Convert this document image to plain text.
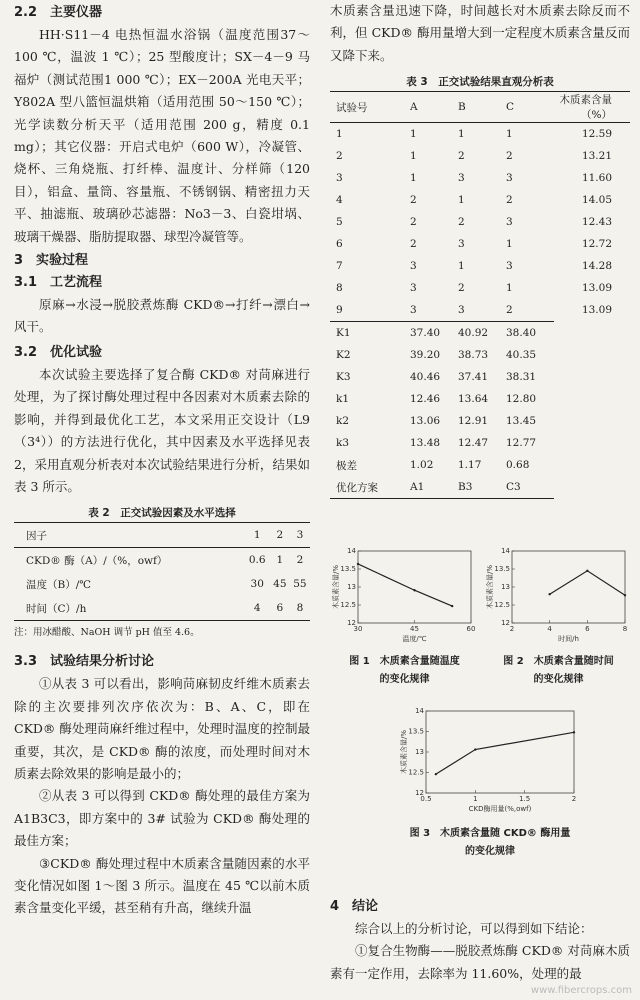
2.2　主要仪器

HH·S11－4 电热恒温水浴锅（温度范围37～100 ℃，温波 1 ℃）；25 型酸度计；SX－4－9 马福炉（测试范围1 000 ℃）；EX－200A 光电天平；Y802A 型八篮恒温烘箱（适用范围 50～150 ℃）；光学读数分析天平（适用范围 200 g，精度 0.1 mg）；其它仪器：开启式电炉（600 W），冷凝管、烧杯、三角烧瓶、打纤棒、温度计、分样筛（120 目），铝盒、量筒、容量瓶、不锈钢锅、精密扭力天平、抽滤瓶、玻璃砂芯滤器：No3－3、白瓷坩埚、玻璃干燥器、脂肪提取器、球型冷凝管等。

3　实验过程

3.1　工艺流程

原麻→水浸→脱胶煮炼酶 CKD®→打纤→漂白→风干。

3.2　优化试验

本次试验主要选择了复合酶 CKD® 对苘麻进行处理，为了探讨酶处理过程中各因素对木质素去除的影响，并得到最优化工艺，本文采用正交设计（L9（3⁴））的方法进行优化，其中因素及水平选择见表 2，采用直观分析表对本次试验结果进行分析，结果如表 3 所示。

表 2　正交试验因素及水平选择

因子	1	2	3
CKD® 酶（A）/（%，owf）	0.6	1	2
温度（B）/℃	30	45	55
时间（C）/h	4	6	8

注：用冰醋酸、NaOH 调节 pH 值至 4.6。

3.3　试验结果分析讨论

①从表 3 可以看出，影响苘麻韧皮纤维木质素去除的主次要排列次序依次为：B、A、C，即在 CKD® 酶处理苘麻纤维过程中，处理时温度的控制最重要，其次，是 CKD® 酶的浓度，而处理时间对木质素去除效果的影响是最小的；

②从表 3 可以得到 CKD® 酶处理的最佳方案为 A1B3C3，即方案中的 3# 试验为 CKD® 酶处理的最佳方案；

③CKD® 酶处理过程中木质素含量随因素的水平变化情况如图 1～图 3 所示。温度在 45 ℃以前木质素含量变化平缓，甚至稍有升高，继续升温

木质素含量迅速下降，时间越长对木质素去除反而不利，但 CKD® 酶用量增大到一定程度木质素含量反而又降下来。

表 3　正交试验结果直观分析表

试验号	A	B	C	木质素含量（%）
1	1	1	1	12.59
2	1	2	2	13.21
3	1	3	3	11.60
4	2	1	2	14.05
5	2	2	3	12.43
6	2	3	1	12.72
7	3	1	3	14.28
8	3	2	1	13.09
9	3	3	2	13.09
K1	37.40	40.92	38.40	
K2	39.20	38.73	40.35	
K3	40.46	37.41	38.31	
k1	12.46	13.64	12.80	
k2	13.06	12.91	13.45	
k3	13.48	12.47	12.77	
极差	1.02	1.17	0.68	
优化方案	A1	B3	C3	
12
12.5
13
13.5
14
30	45	60
温度/℃
木质素含量/%
图 1　木质素含量随温度的变化规律
12
12.5
13
13.5
14
2	4	6	8
时间/h
木质素含量/%
图 2　木质素含量随时间的变化规律
12
12.5
13
13.5
14
0.5	1	1.5	2
CKD酶用量(%,owf)
木质素含量/%
图 3　木质素含量随 CKD® 酶用量的变化规律

4　结论

综合以上的分析讨论，可以得到如下结论：

①复合生物酶——脱胶煮炼酶 CKD® 对苘麻木质素有一定作用，去除率为 11.60%，处理的最

www.fibercrops.com
